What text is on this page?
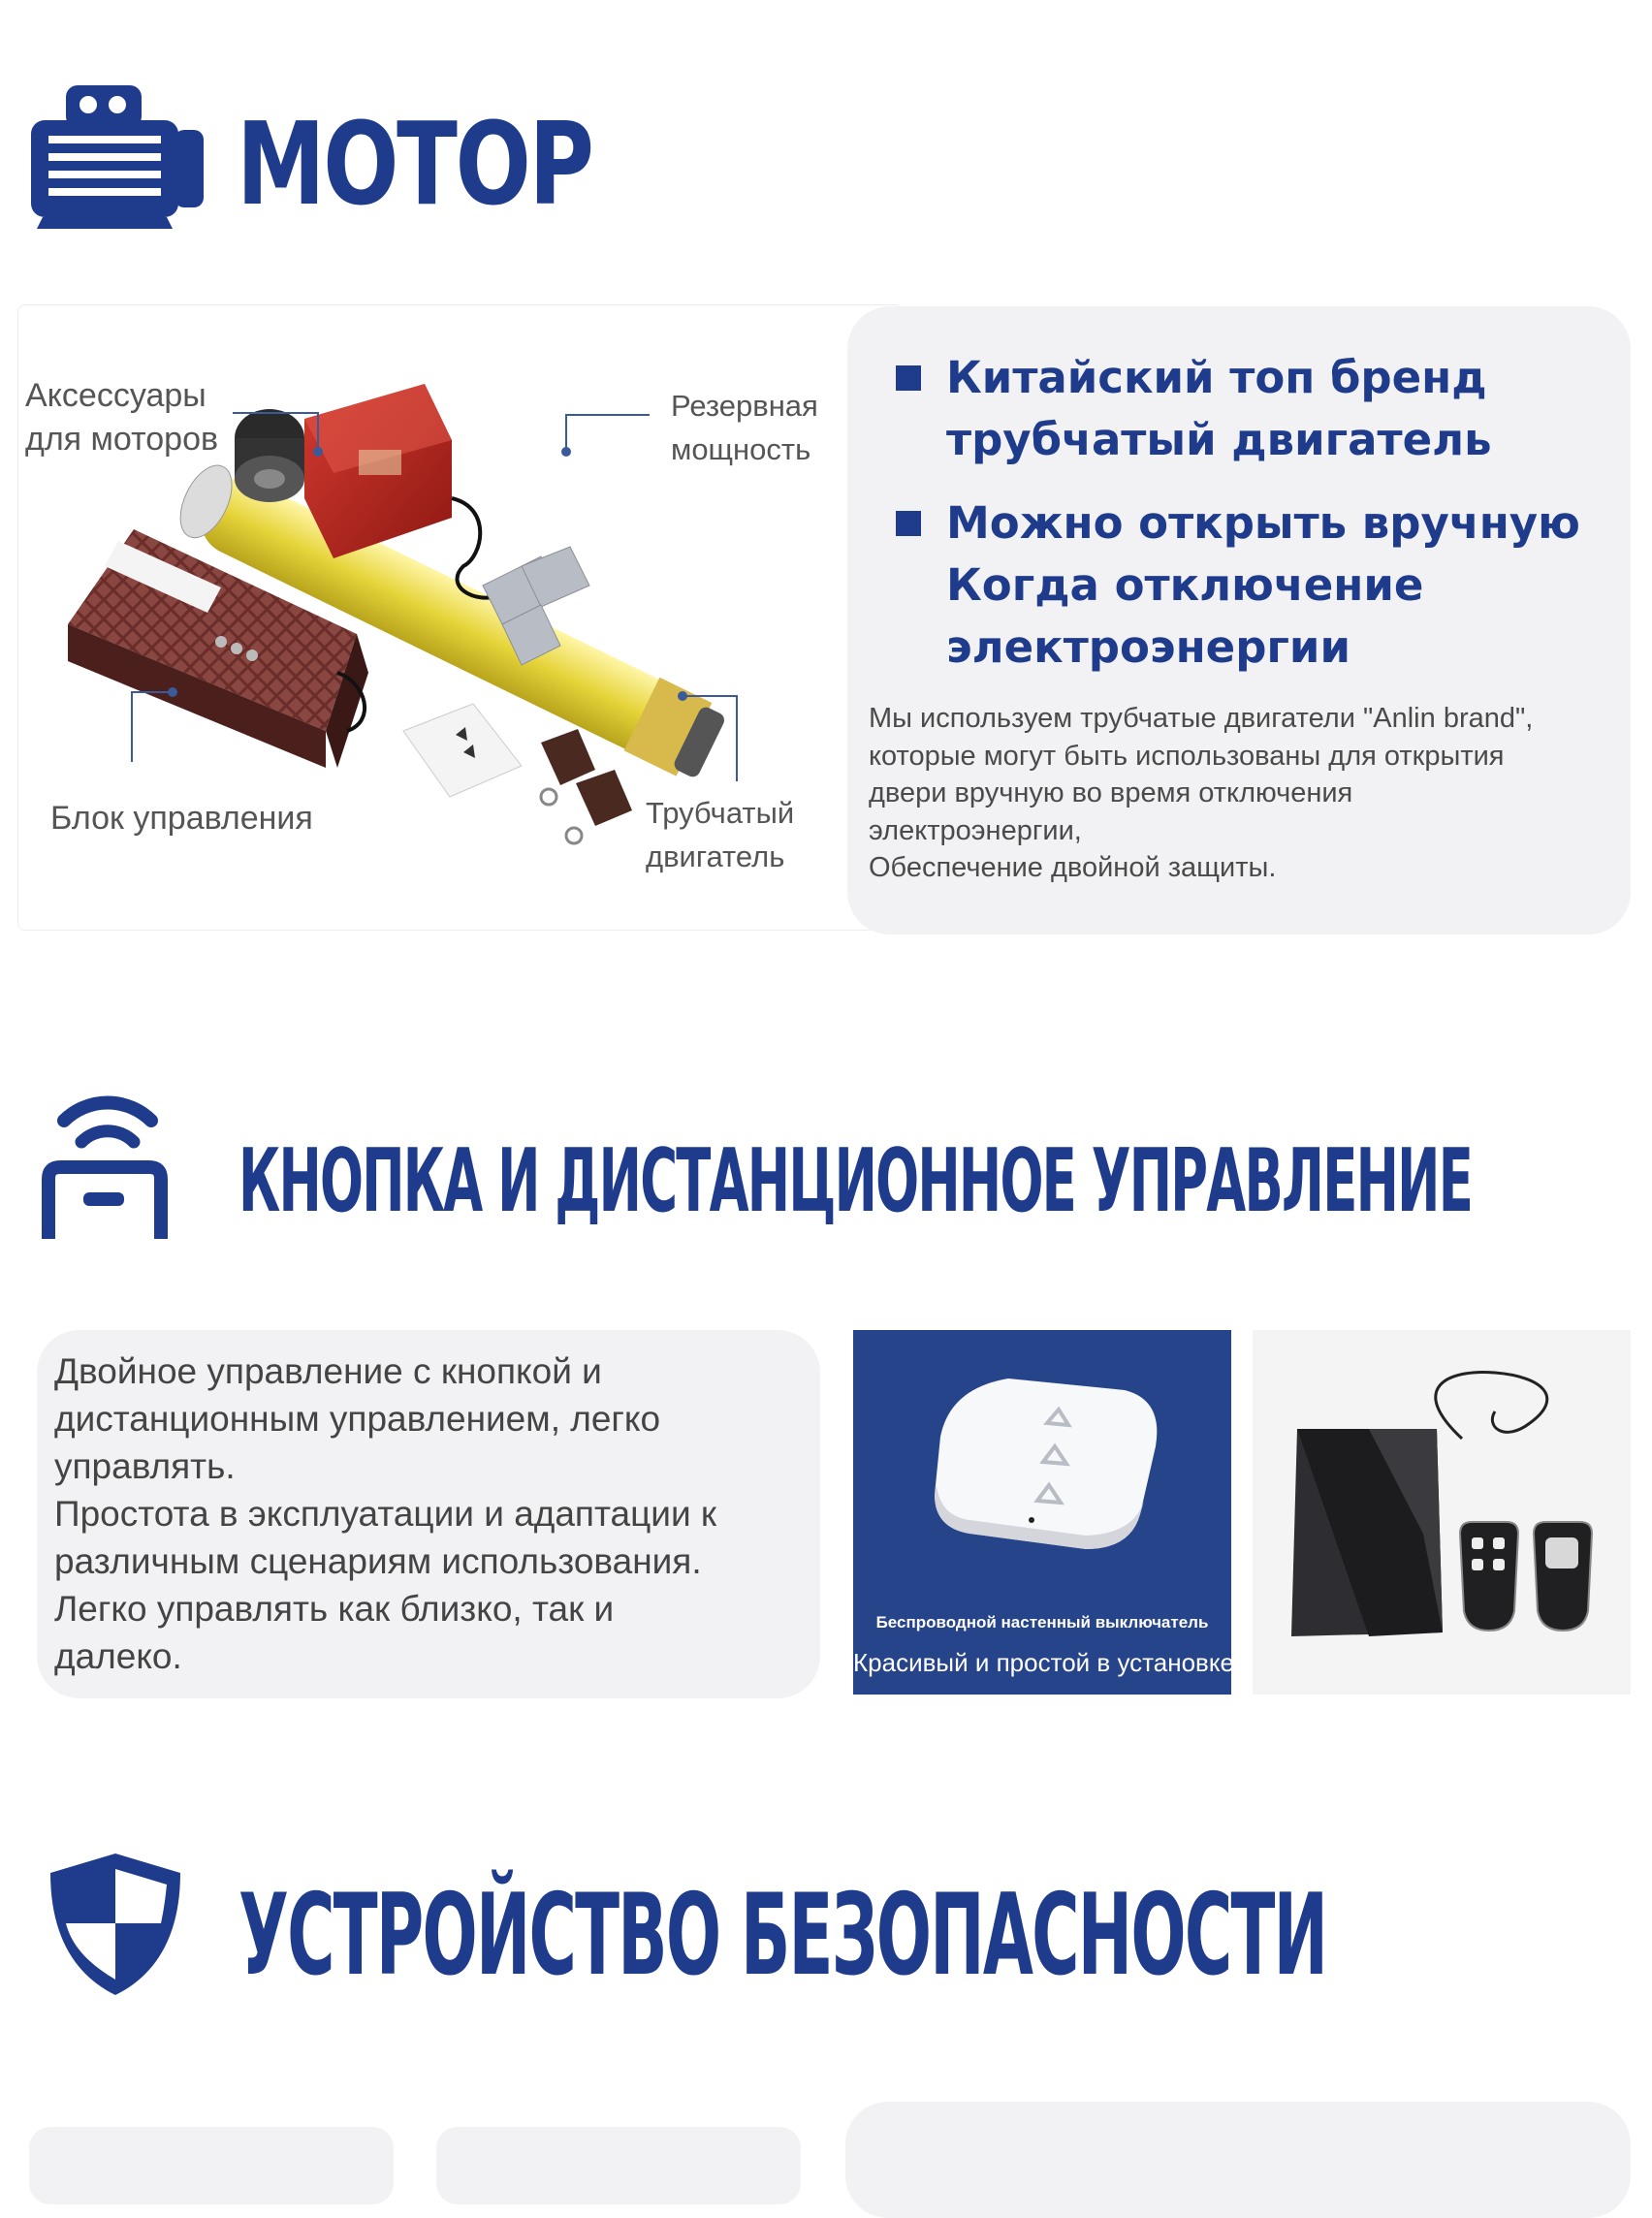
МОТОР
Аксессуары
для моторов
Резервная
мощность
Блок управления	Трубчатый
двигатель
Китайский топ бренд
трубчатый двигатель
Можно открыть вручную
Когда отключение
электроэнергии
Мы используем трубчатые двигатели "Anlin brand",
которые могут быть использованы для открытия
двери вручную во время отключения
электроэнергии,
Обеспечение двойной защиты.
КНОПКА И ДИСТАНЦИОННОЕ УПРАВЛЕНИЕ
Двойное управление с кнопкой и
дистанционным управлением, легко
управлять.
Простота в эксплуатации и адаптации к
различным сценариям использования.
Легко управлять как близко, так и
далеко.
Беспроводной настенный выключатель
Красивый и простой в установке
УСТРОЙСТВО БЕЗОПАСНОСТИ
